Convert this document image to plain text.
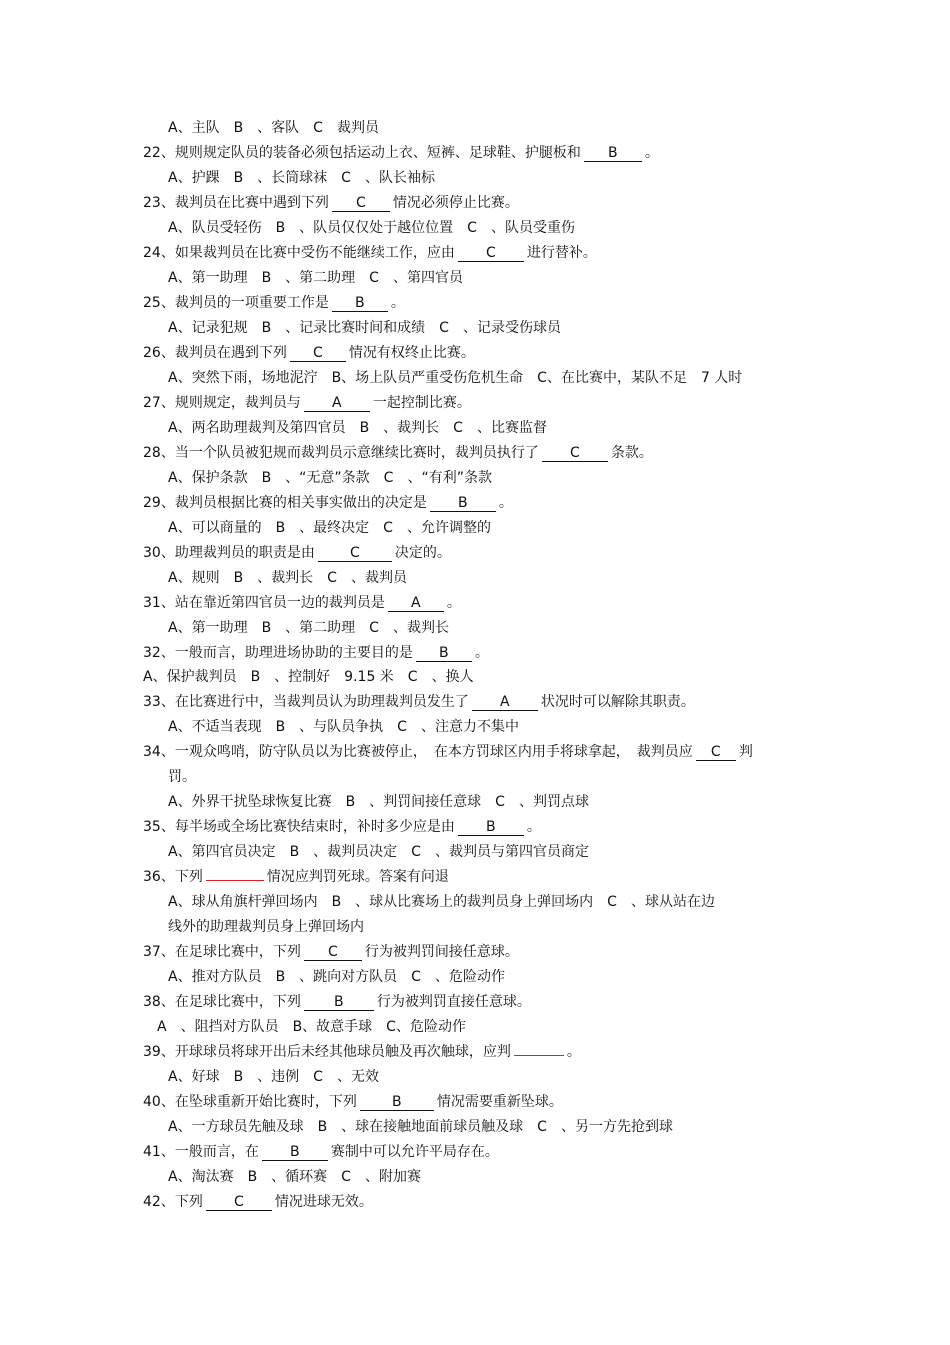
A、主队　B　、客队　C　裁判员
22、规则规定队员的装备必须包括运动上衣、短裤、足球鞋、护腿板和 B 。
A、护踝　B　、长筒球袜　C　、队长袖标
23、裁判员在比赛中遇到下列 C 情况必须停止比赛。
A、队员受轻伤　B　、队员仅仅处于越位位置　C　、队员受重伤
24、如果裁判员在比赛中受伤不能继续工作，应由 C 进行替补。
A、第一助理　B　、第二助理　C　、第四官员
25、裁判员的一项重要工作是 B 。
A、记录犯规　B　、记录比赛时间和成绩　C　、记录受伤球员
26、裁判员在遇到下列 C 情况有权终止比赛。
A、突然下雨，场地泥泞　B、场上队员严重受伤危机生命　C、在比赛中，某队不足　7 人时
27、规则规定，裁判员与 A 一起控制比赛。
A、两名助理裁判及第四官员　B　、裁判长　C　、比赛监督
28、当一个队员被犯规而裁判员示意继续比赛时，裁判员执行了 C 条款。
A、保护条款　B　、“无意”条款　C　、“有利”条款
29、裁判员根据比赛的相关事实做出的决定是 B 。
A、可以商量的　B　、最终决定　C　、允许调整的
30、助理裁判员的职责是由	C	决定的。
A、规则　B　、裁判长　C　、裁判员
31、站在靠近第四官员一边的裁判员是 A 。
A、第一助理　B　、第二助理　C　、裁判长
32、一般而言，助理进场协助的主要目的是 B 。
A、保护裁判员　B　、控制好　9.15 米　C　、换人
33、在比赛进行中，当裁判员认为助理裁判员发生了 A 状况时可以解除其职责。
A、不适当表现　B　、与队员争执　C　、注意力不集中
34、一观众鸣哨，防守队员以为比赛被停止，　在本方罚球区内用手将球拿起，　裁判员应 C 判
罚。
A、外界干扰坠球恢复比赛　B　、判罚间接任意球　C　、判罚点球
35、每半场或全场比赛快结束时，补时多少应是由 B 。
A、第四官员决定　B　、裁判员决定　C　、裁判员与第四官员商定
36、下列	情况应判罚死球。答案有问退
A、球从角旗杆弹回场内　B　、球从比赛场上的裁判员身上弹回场内　C　、球从站在边
线外的助理裁判员身上弹回场内
37、在足球比赛中，下列 C 行为被判罚间接任意球。
A、推对方队员　B　、跳向对方队员　C　、危险动作
38、在足球比赛中，下列 B 行为被判罚直接任意球。
　A　、阻挡对方队员　B、故意手球　C、危险动作
39、开球球员将球开出后未经其他球员触及再次触球，应判	。
A、好球　B　、违例　C　、无效
40、在坠球重新开始比赛时，下列	B	情况需要重新坠球。
A、一方球员先触及球　B　、球在接触地面前球员触及球　C　、另一方先抢到球
41、一般而言，在 B 赛制中可以允许平局存在。
A、淘汰赛　B　、循环赛　C　、附加赛
42、下列 C 情况进球无效。
